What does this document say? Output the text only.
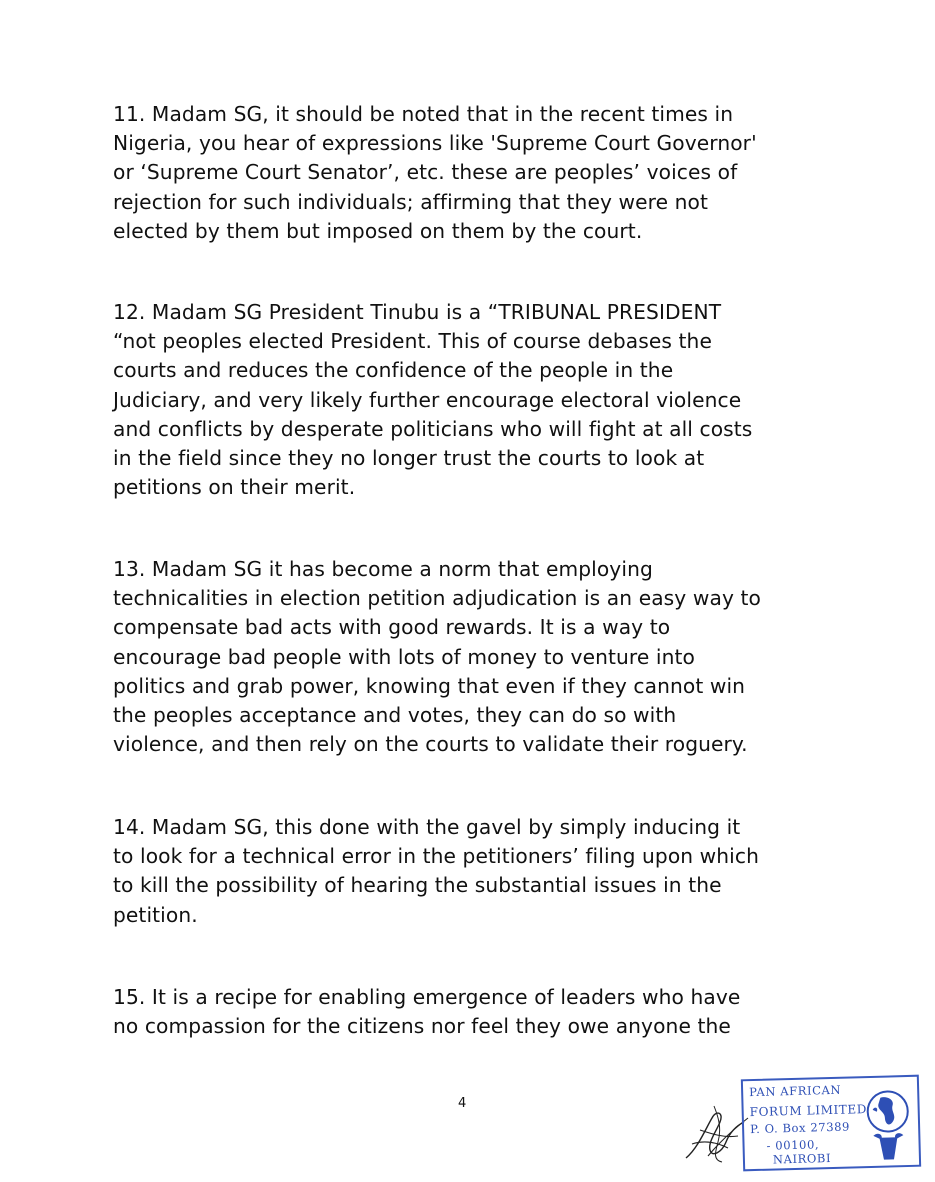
11. Madam SG, it should be noted that in the recent times in
Nigeria, you hear of expressions like 'Supreme Court Governor'
or ‘Supreme Court Senator’, etc. these are peoples’ voices of
rejection for such individuals; affirming that they were not
elected by them but imposed on them by the court.

12. Madam SG President Tinubu is a “TRIBUNAL PRESIDENT
“not peoples elected President. This of course debases the
courts and reduces the confidence of the people in the
Judiciary, and very likely further encourage electoral violence
and conflicts by desperate politicians who will fight at all costs
in the field since they no longer trust the courts to look at
petitions on their merit.

13. Madam SG it has become a norm that employing
technicalities in election petition adjudication is an easy way to
compensate bad acts with good rewards. It is a way to
encourage bad people with lots of money to venture into
politics and grab power, knowing that even if they cannot win
the peoples acceptance and votes, they can do so with
violence, and then rely on the courts to validate their roguery.

14. Madam SG, this done with the gavel by simply inducing it
to look for a technical error in the petitioners’ filing upon which
to kill the possibility of hearing the substantial issues in the
petition.

15. It is a recipe for enabling emergence of leaders who have
no compassion for the citizens nor feel they owe anyone the

4
PAN AFRICAN
FORUM LIMITED
P. O. Box 27389
- 00100,
NAIROBI
